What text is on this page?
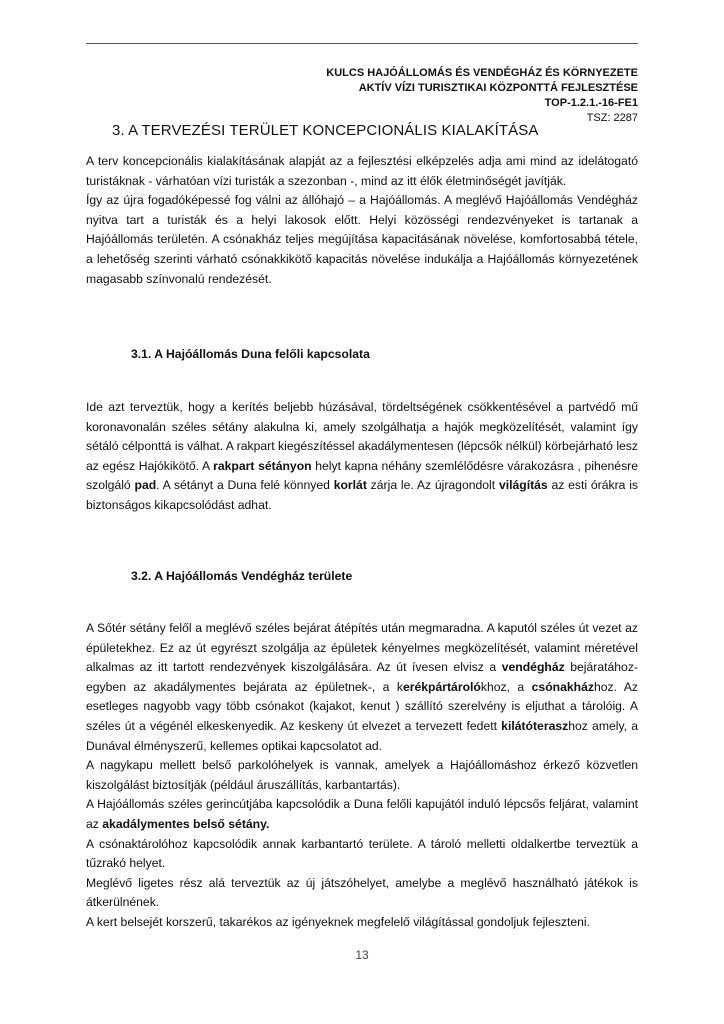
KULCS HAJÓÁLLOMÁS ÉS VENDÉGHÁZ ÉS KÖRNYEZETE
AKTÍV VÍZI TURISZTIKAI KÖZPONTTÁ FEJLESZTÉSE
TOP-1.2.1.-16-FE1
TSZ: 2287
3. A TERVEZÉSI TERÜLET KONCEPCIONÁLIS KIALAKÍTÁSA

A terv koncepcionális kialakításának alapját az a fejlesztési elképzelés adja ami mind az idelátogató turistáknak - várhatóan vízi turisták a szezonban -, mind az itt élők életminőségét javítják.

Így az újra fogadóképessé fog válni az állóhajó – a Hajóállomás. A meglévő Hajóállomás Vendégház nyitva tart a turisták és a helyi lakosok előtt. Helyi közösségi rendezvényeket is tartanak a Hajóállomás területén. A csónakház teljes megújítása kapacitásának növelése, komfortosabbá tétele, a lehetőség szerinti várható csónakkikötő kapacitás növelése indukálja a Hajóállomás környezetének magasabb színvonalú rendezését.

3.1. A Hajóállomás Duna felőli kapcsolata

Ide azt terveztük, hogy a kerítés beljebb húzásával, tördeltségének csökkentésével a partvédő mű koronavonalán széles sétány alakulna ki, amely szolgálhatja a hajók megközelítését, valamint így sétáló célponttá is válhat. A rakpart kiegészítéssel akadálymentesen (lépcsők nélkül) körbejárható lesz az egész Hajókikötő. A rakpart sétányon helyt kapna néhány szemlélődésre várakozásra , pihenésre szolgáló pad. A sétányt a Duna felé könnyed korlát zárja le. Az újragondolt világítás az esti órákra is biztonságos kikapcsolódást adhat.

3.2. A Hajóállomás Vendégház területe

A Sőtér sétány felől a meglévő széles bejárat átépítés után megmaradna. A kaputól széles út vezet az épületekhez. Ez az út egyrészt szolgálja az épületek kényelmes megközelítését, valamint méretével alkalmas az itt tartott rendezvények kiszolgálására. Az út ívesen elvisz a vendégház bejáratához- egyben az akadálymentes bejárata az épületnek-, a kerékpártárolókhoz, a csónakházhoz. Az esetleges nagyobb vagy több csónakot (kajakot, kenut ) szállító szerelvény is eljuthat a tárolóig. A széles út a végénél elkeskenyedik. Az keskeny út elvezet a tervezett fedett kilátóteraszhoz amely, a Dunával élményszerű, kellemes optikai kapcsolatot ad.

A nagykapu mellett belső parkolóhelyek is vannak, amelyek a Hajóállomáshoz érkező közvetlen kiszolgálást biztosítják (például áruszállítás, karbantartás).

A Hajóállomás széles gerincútjába kapcsolódik a Duna felőli kapujától induló lépcsős feljárat, valamint az akadálymentes belső sétány.

A csónaktárolóhoz kapcsolódik annak karbantartó területe. A tároló melletti oldalkertbe terveztük a tűzrakó helyet.

Meglévő ligetes rész alá terveztük az új játszóhelyet, amelybe a meglévő használható játékok is átkerülnének.

A kert belsejét korszerű, takarékos az igényeknek megfelelő világítással gondoljuk fejleszteni.

13
